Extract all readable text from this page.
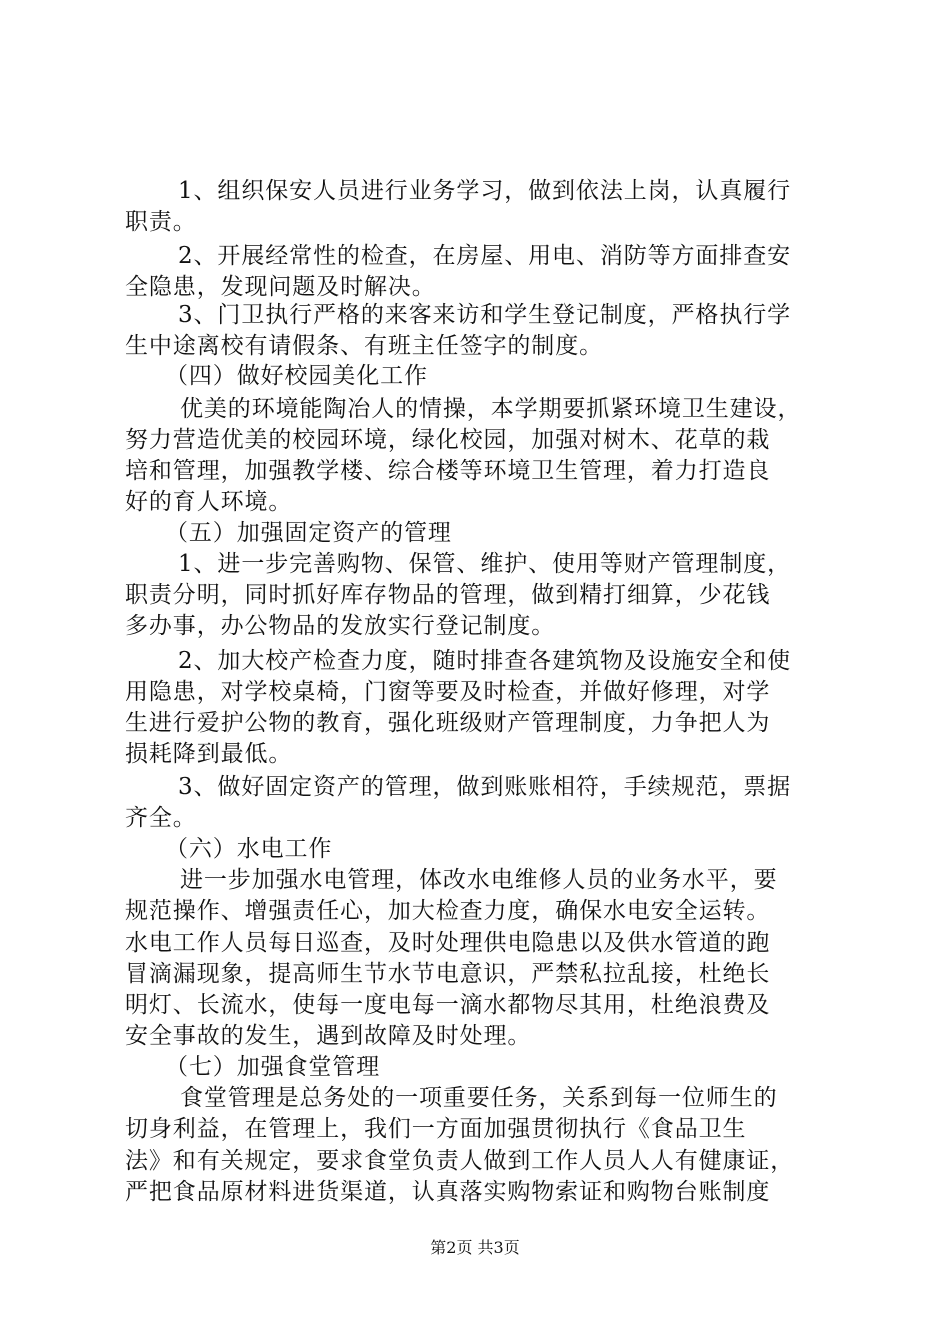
1、组织保安人员进行业务学习，做到依法上岗，认真履行
职责。
2、开展经常性的检查，在房屋、用电、消防等方面排查安
全隐患，发现问题及时解决。
3、门卫执行严格的来客来访和学生登记制度，严格执行学
生中途离校有请假条、有班主任签字的制度。
（四）做好校园美化工作
优美的环境能陶冶人的情操，本学期要抓紧环境卫生建设，
努力营造优美的校园环境，绿化校园，加强对树木、花草的栽
培和管理，加强教学楼、综合楼等环境卫生管理，着力打造良
好的育人环境。
（五）加强固定资产的管理
1、进一步完善购物、保管、维护、使用等财产管理制度，
职责分明，同时抓好库存物品的管理，做到精打细算，少花钱
多办事，办公物品的发放实行登记制度。
2、加大校产检查力度，随时排查各建筑物及设施安全和使
用隐患，对学校桌椅，门窗等要及时检查，并做好修理，对学
生进行爱护公物的教育，强化班级财产管理制度，力争把人为
损耗降到最低。
3、做好固定资产的管理，做到账账相符，手续规范，票据
齐全。
（六）水电工作
进一步加强水电管理，体改水电维修人员的业务水平，要
规范操作、增强责任心，加大检查力度，确保水电安全运转。
水电工作人员每日巡查，及时处理供电隐患以及供水管道的跑
冒滴漏现象，提高师生节水节电意识，严禁私拉乱接，杜绝长
明灯、长流水，使每一度电每一滴水都物尽其用，杜绝浪费及
安全事故的发生，遇到故障及时处理。
（七）加强食堂管理
食堂管理是总务处的一项重要任务，关系到每一位师生的
切身利益，在管理上，我们一方面加强贯彻执行《食品卫生
法》和有关规定，要求食堂负责人做到工作人员人人有健康证，
严把食品原材料进货渠道，认真落实购物索证和购物台账制度
第2页 共3页
